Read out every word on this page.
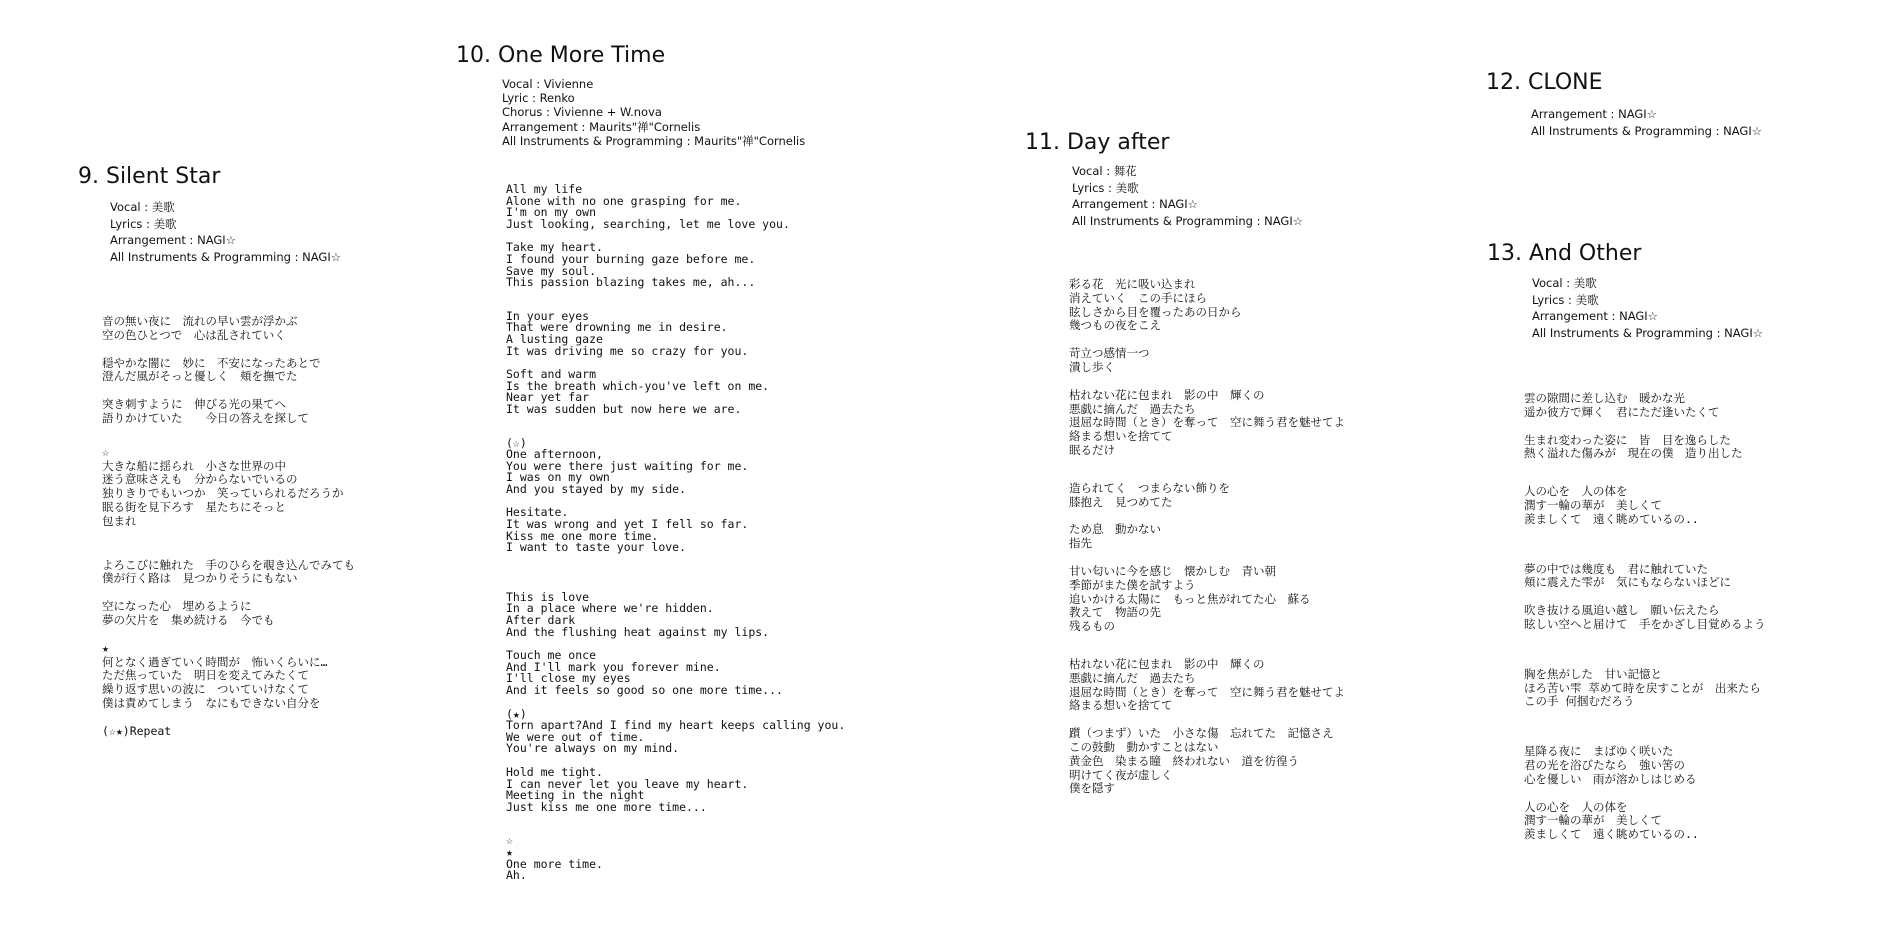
9. Silent Star
Vocal : 美歌
Lyrics : 美歌
Arrangement : NAGI☆
All Instruments & Programming : NAGI☆
音の無い夜に　流れの早い雲が浮かぶ
空の色ひとつで　心は乱されていく
穏やかな闇に　妙に　不安になったあとで
澄んだ風がそっと優しく　頬を撫でた
突き刺すように　伸びる光の果てへ
語りかけていた　　今日の答えを探して
☆
大きな船に揺られ　小さな世界の中
迷う意味さえも　分からないでいるの
独りきりでもいつか　笑っていられるだろうか
眠る街を見下ろす　星たちにそっと
包まれ
よろこびに触れた　手のひらを覗き込んでみても
僕が行く路は　見つかりそうにもない
空になった心　埋めるように
夢の欠片を　集め続ける　今でも
★
何となく過ぎていく時間が　怖いくらいに…
ただ焦っていた　明日を変えてみたくて
繰り返す思いの波に　ついていけなくて
僕は責めてしまう　なにもできない自分を
(☆★)Repeat
10. One More Time
Vocal : Vivienne
Lyric : Renko
Chorus : Vivienne + W.nova
Arrangement : Maurits"禅"Cornelis
All Instruments & Programming : Maurits"禅"Cornelis
All my life
Alone with no one grasping for me.
I'm on my own
Just looking, searching, let me love you.
Take my heart.
I found your burning gaze before me.
Save my soul.
This passion blazing takes me, ah...
In your eyes
That were drowning me in desire.
A lusting gaze
It was driving me so crazy for you.
Soft and warm
Is the breath which-you've left on me.
Near yet far
It was sudden but now here we are.
(☆)
One afternoon,
You were there just waiting for me.
I was on my own
And you stayed by my side.
Hesitate.
It was wrong and yet I fell so far.
Kiss me one more time.
I want to taste your love.
This is love
In a place where we're hidden.
After dark
And the flushing heat against my lips.
Touch me once
And I'll mark you forever mine.
I'll close my eyes
And it feels so good so one more time...
(★)
Torn apart?And I find my heart keeps calling you.
We were out of time.
You're always on my mind.
Hold me tight.
I can never let you leave my heart.
Meeting in the night
Just kiss me one more time...
☆
★
One more time.
Ah.
11. Day after
Vocal : 舞花
Lyrics : 美歌
Arrangement : NAGI☆
All Instruments & Programming : NAGI☆
彩る花　光に吸い込まれ
消えていく　この手にほら
眩しさから目を覆ったあの日から
幾つもの夜をこえ
苛立つ感情一つ
潰し歩く
枯れない花に包まれ　影の中　輝くの
悪戯に摘んだ　過去たち
退屈な時間（とき）を奪って　空に舞う君を魅せてよ
絡まる想いを捨てて
眠るだけ
造られてく　つまらない飾りを
膝抱え　見つめてた
ため息　動かない
指先
甘い匂いに今を感じ　懐かしむ　青い朝
季節がまた僕を試すよう
追いかける太陽に　もっと焦がれてた心　蘇る
教えて　物語の先
残るもの
枯れない花に包まれ　影の中　輝くの
悪戯に摘んだ　過去たち
退屈な時間（とき）を奪って　空に舞う君を魅せてよ
絡まる想いを捨てて
躓（つまず）いた　小さな傷　忘れてた　記憶さえ
この鼓動　動かすことはない
黄金色　染まる瞳　終われない　道を彷徨う
明けてく夜が虚しく
僕を隠す
12. CLONE
Arrangement : NAGI☆
All Instruments & Programming : NAGI☆
13. And Other
Vocal : 美歌
Lyrics : 美歌
Arrangement : NAGI☆
All Instruments & Programming : NAGI☆
雲の隙間に差し込む　暖かな光
遥か彼方で輝く　君にただ逢いたくて
生まれ変わった姿に　皆　目を逸らした
熱く溢れた傷みが　現在の僕　造り出した
人の心を　人の体を
潤す一輪の華が　美しくて
羨ましくて　遠く眺めているの..
夢の中では幾度も　君に触れていた
頬に震えた雫が　気にもならないほどに
吹き抜ける風追い越し　願い伝えたら
眩しい空へと届けて　手をかざし目覚めるよう
胸を焦がした　甘い記憶と
ほろ苦い雫 萃めて時を戻すことが　出来たら
この手 何掴むだろう
星降る夜に　まばゆく咲いた
君の光を浴びたなら　強い筈の
心を優しい　雨が溶かしはじめる
人の心を　人の体を
潤す一輪の華が　美しくて
羨ましくて　遠く眺めているの..
